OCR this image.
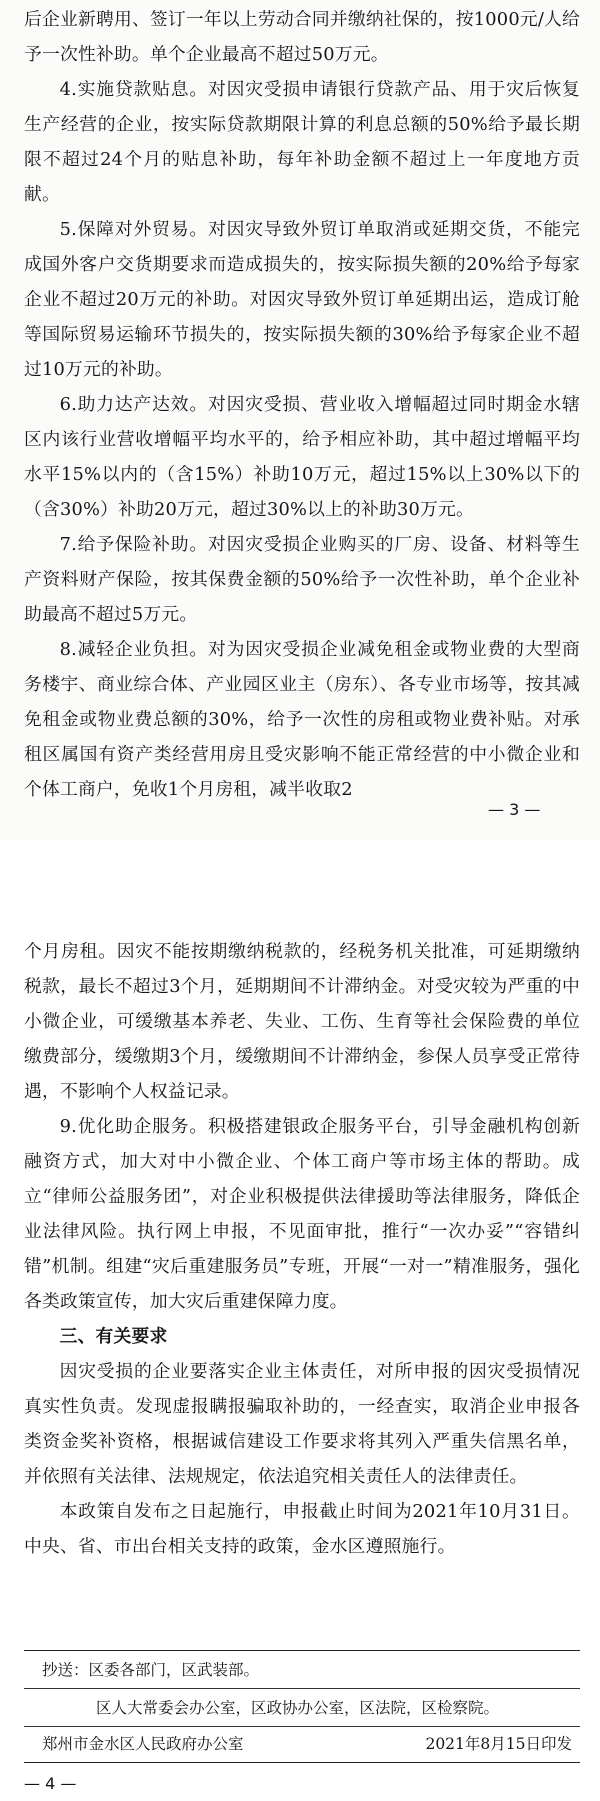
后企业新聘用、签订一年以上劳动合同并缴纳社保的，按1000元/人给予一次性补助。单个企业最高不超过50万元。

4.实施贷款贴息。对因灾受损申请银行贷款产品、用于灾后恢复生产经营的企业，按实际贷款期限计算的利息总额的50%给予最长期限不超过24个月的贴息补助，每年补助金额不超过上一年度地方贡献。

5.保障对外贸易。对因灾导致外贸订单取消或延期交货，不能完成国外客户交货期要求而造成损失的，按实际损失额的20%给予每家企业不超过20万元的补助。对因灾导致外贸订单延期出运，造成订舱等国际贸易运输环节损失的，按实际损失额的30%给予每家企业不超过10万元的补助。

6.助力达产达效。对因灾受损、营业收入增幅超过同时期金水辖区内该行业营收增幅平均水平的，给予相应补助，其中超过增幅平均水平15%以内的（含15%）补助10万元，超过15%以上30%以下的（含30%）补助20万元，超过30%以上的补助30万元。

7.给予保险补助。对因灾受损企业购买的厂房、设备、材料等生产资料财产保险，按其保费金额的50%给予一次性补助，单个企业补助最高不超过5万元。

8.减轻企业负担。对为因灾受损企业减免租金或物业费的大型商务楼宇、商业综合体、产业园区业主（房东）、各专业市场等，按其减免租金或物业费总额的30%，给予一次性的房租或物业费补贴。对承租区属国有资产类经营用房且受灾影响不能正常经营的中小微企业和个体工商户，免收1个月房租，减半收取2

— 3 —

个月房租。因灾不能按期缴纳税款的，经税务机关批准，可延期缴纳税款，最长不超过3个月，延期期间不计滞纳金。对受灾较为严重的中小微企业，可缓缴基本养老、失业、工伤、生育等社会保险费的单位缴费部分，缓缴期3个月，缓缴期间不计滞纳金，参保人员享受正常待遇，不影响个人权益记录。

9.优化助企服务。积极搭建银政企服务平台，引导金融机构创新融资方式，加大对中小微企业、个体工商户等市场主体的帮助。成立“律师公益服务团”，对企业积极提供法律援助等法律服务，降低企业法律风险。执行网上申报，不见面审批，推行“一次办妥”“容错纠错”机制。组建“灾后重建服务员”专班，开展“一对一”精准服务，强化各类政策宣传，加大灾后重建保障力度。

三、有关要求

因灾受损的企业要落实企业主体责任，对所申报的因灾受损情况真实性负责。发现虚报瞒报骗取补助的，一经查实，取消企业申报各类资金奖补资格，根据诚信建设工作要求将其列入严重失信黑名单，并依照有关法律、法规规定，依法追究相关责任人的法律责任。

本政策自发布之日起施行，申报截止时间为2021年10月31日。中央、省、市出台相关支持的政策，金水区遵照施行。

抄送：区委各部门，区武装部。
区人大常委会办公室，区政协办公室，区法院，区检察院。
郑州市金水区人民政府办公室	2021年8月15日印发
— 4 —
